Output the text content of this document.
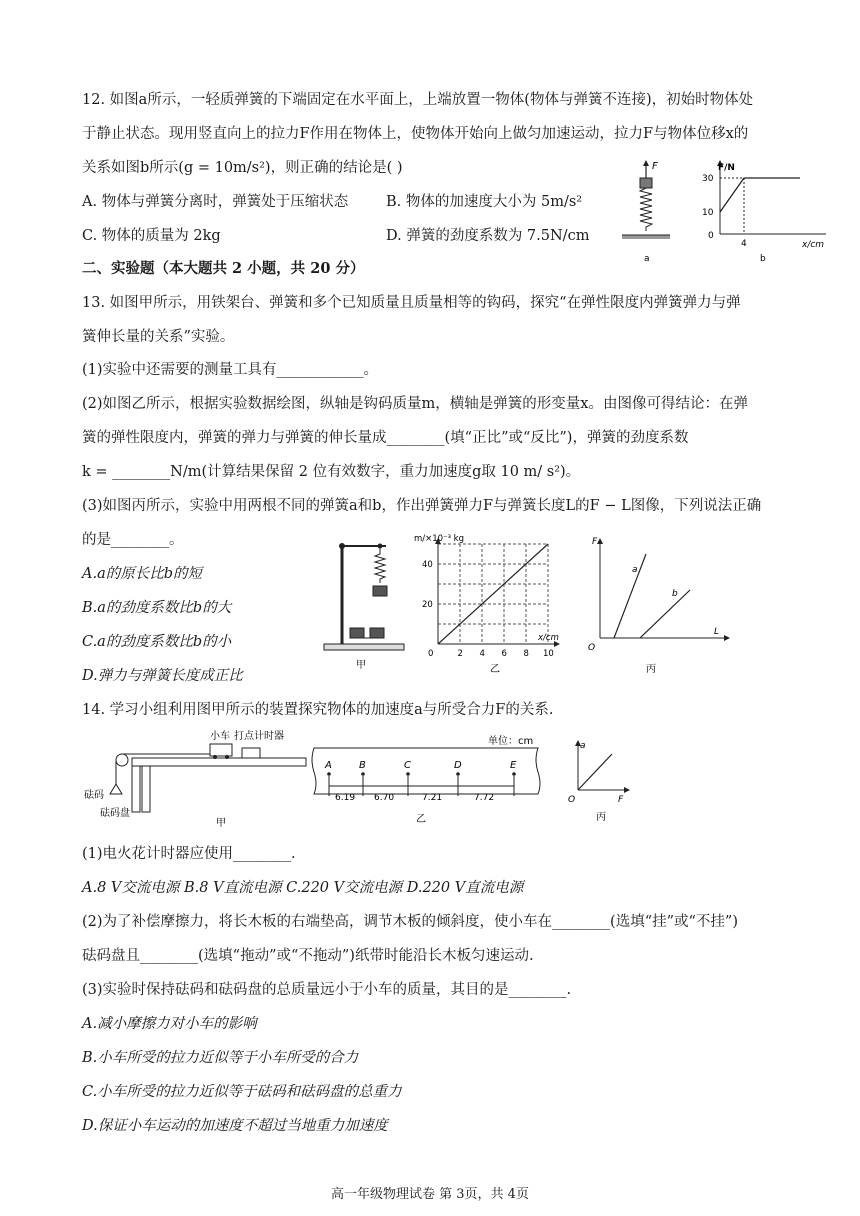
12. 如图a所示，一轻质弹簧的下端固定在水平面上，上端放置一物体(物体与弹簧不连接)，初始时物体处
于静止状态。现用竖直向上的拉力F作用在物体上，使物体开始向上做匀加速运动，拉力F与物体位移x的
关系如图b所示(g = 10m/s²)，则正确的结论是( )
A. 物体与弹簧分离时，弹簧处于压缩状态	B. 物体的加速度大小为 5m/s²
C. 物体的质量为 2kg	D. 弹簧的劲度系数为 7.5N/cm
F
a
F/N
30
10
0
4	x/cm
b
二、实验题（本大题共 2 小题，共 20 分）
13. 如图甲所示，用铁架台、弹簧和多个已知质量且质量相等的钩码，探究“在弹性限度内弹簧弹力与弹
簧伸长量的关系”实验。
(1)实验中还需要的测量工具有____________。
(2)如图乙所示，根据实验数据绘图，纵轴是钩码质量m，横轴是弹簧的形变量x。由图像可得结论：在弹
簧的弹性限度内，弹簧的弹力与弹簧的伸长量成________(填“正比”或“反比”)，弹簧的劲度系数
k = ________N/m(计算结果保留 2 位有效数字，重力加速度g取 10 m/ s²)。
(3)如图丙所示，实验中用两根不同的弹簧a和b，作出弹簧弹力F与弹簧长度L的F − L图像，下列说法正确
的是________。
A.a的原长比b的短
B.a的劲度系数比b的大
C.a的劲度系数比b的小
D.弹力与弹簧长度成正比
甲
m/×10⁻³ kg
x/cm
40
20
0	2 4 6 8 10
乙
F
L
O
a
b
丙
14. 学习小组利用图甲所示的装置探究物体的加速度a与所受合力F的关系.
小车 打点计时器
砝码
砝码盘
甲
单位：cm
A	B	C	D	E
6.19 6.70	7.21	7.72
乙
a
F
O
丙
(1)电火花计时器应使用________.
A.8 V交流电源 B.8 V直流电源 C.220 V交流电源 D.220 V直流电源
(2)为了补偿摩擦力，将长木板的右端垫高，调节木板的倾斜度，使小车在________(选填“挂”或“不挂”)
砝码盘且________(选填“拖动”或“不拖动”)纸带时能沿长木板匀速运动.
(3)实验时保持砝码和砝码盘的总质量远小于小车的质量，其目的是________.
A.减小摩擦力对小车的影响
B.小车所受的拉力近似等于小车所受的合力
C.小车所受的拉力近似等于砝码和砝码盘的总重力
D.保证小车运动的加速度不超过当地重力加速度
高一年级物理试卷 第 3页，共 4页
